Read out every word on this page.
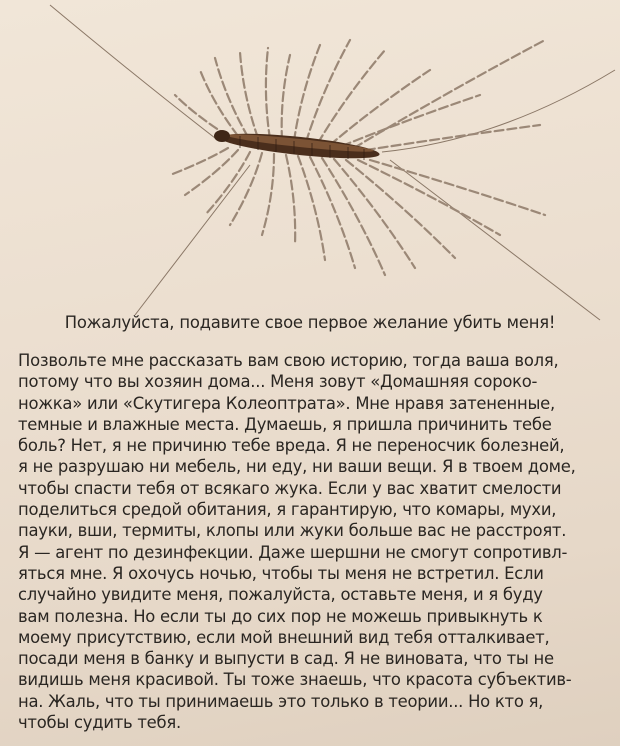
Пожалуйста, подавите свое первое желание убить меня!
Позвольте мне рассказать вам свою историю, тогда ваша воля,
потому что вы хозяин дома... Меня зовут «Домашняя сороко-
ножка» или «Скутигера Колеоптрата». Мне нравя затененные,
темные и влажные места. Думаешь, я пришла причинить тебе
боль? Нет, я не причиню тебе вреда. Я не переносчик болезней,
я не разрушаю ни мебель, ни еду, ни ваши вещи. Я в твоем доме,
чтобы спасти тебя от всякаго жука. Если у вас хватит смелости
поделиться средой обитания, я гарантирую, что комары, мухи,
пауки, вши, термиты, клопы или жуки больше вас не расстроят.
Я — агент по дезинфекции. Даже шершни не смогут сопротивл-
яться мне. Я охочусь ночью, чтобы ты меня не встретил. Если
случайно увидите меня, пожалуйста, оставьте меня, и я буду
вам полезна. Но если ты до сих пор не можешь привыкнуть к
моему присутствию, если мой внешний вид тебя отталкивает,
посади меня в банку и выпусти в сад. Я не виновата, что ты не
видишь меня красивой. Ты тоже знаешь, что красота субъектив-
на. Жаль, что ты принимаешь это только в теории... Но кто я,
чтобы судить тебя.
